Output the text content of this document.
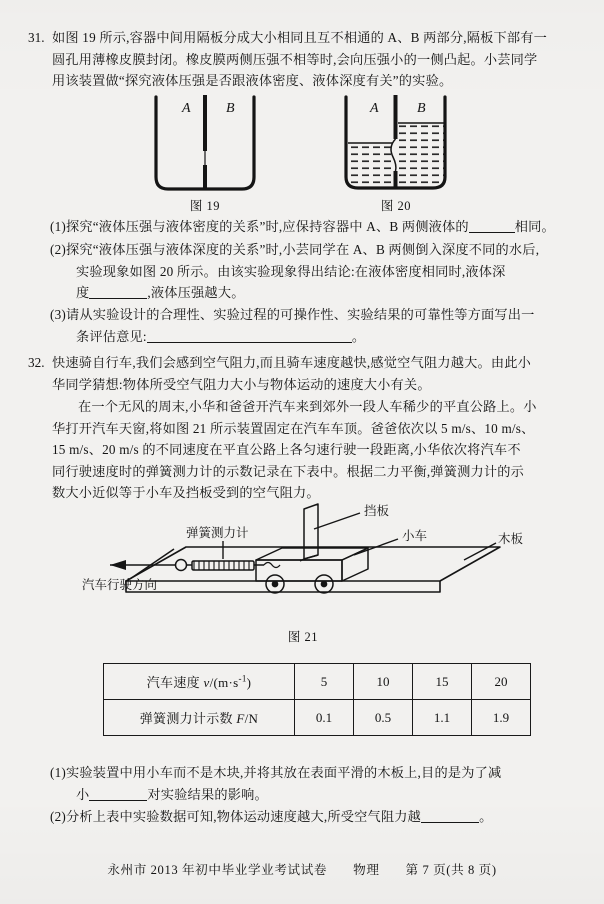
31. 如图 19 所示,容器中间用隔板分成大小相同且互不相通的 A、B 两部分,隔板下部有一
圆孔用薄橡皮膜封闭。橡皮膜两侧压强不相等时,会向压强小的一侧凸起。小芸同学
用该装置做“探究液体压强是否跟液体密度、液体深度有关”的实验。
A	B
图 19
A	B
图 20
(1)探究“液体压强与液体密度的关系”时,应保持容器中 A、B 两侧液体的	相同。
(2)探究“液体压强与液体深度的关系”时,小芸同学在 A、B 两侧倒入深度不同的水后,
实验现象如图 20 所示。由该实验现象得出结论:在液体密度相同时,液体深
度	,液体压强越大。
(3)请从实验设计的合理性、实验过程的可操作性、实验结果的可靠性等方面写出一
条评估意见:	。
32. 快速骑自行车,我们会感到空气阻力,而且骑车速度越快,感觉空气阻力越大。由此小
华同学猜想:物体所受空气阻力大小与物体运动的速度大小有关。
在一个无风的周末,小华和爸爸开汽车来到郊外一段人车稀少的平直公路上。小
华打开汽车天窗,将如图 21 所示装置固定在汽车车顶。爸爸依次以 5 m/s、10 m/s、
15 m/s、20 m/s 的不同速度在平直公路上各匀速行驶一段距离,小华依次将汽车不
同行驶速度时的弹簧测力计的示数记录在下表中。根据二力平衡,弹簧测力计的示
数大小近似等于小车及挡板受到的空气阻力。
挡板
小车	木板
弹簧测力计
汽车行驶方向
图 21
汽车速度 $v/(m\cdot s^{-1})$	5	10	15	20
弹簧测力计示数 F/N	0.1	0.5	1.1	1.9
(1)实验装置中用小车而不是木块,并将其放在表面平滑的木板上,目的是为了减
小	对实验结果的影响。
(2)分析上表中实验数据可知,物体运动速度越大,所受空气阻力越	。
永州市 2013 年初中毕业学业考试试卷 物理 第 7 页(共 8 页)
